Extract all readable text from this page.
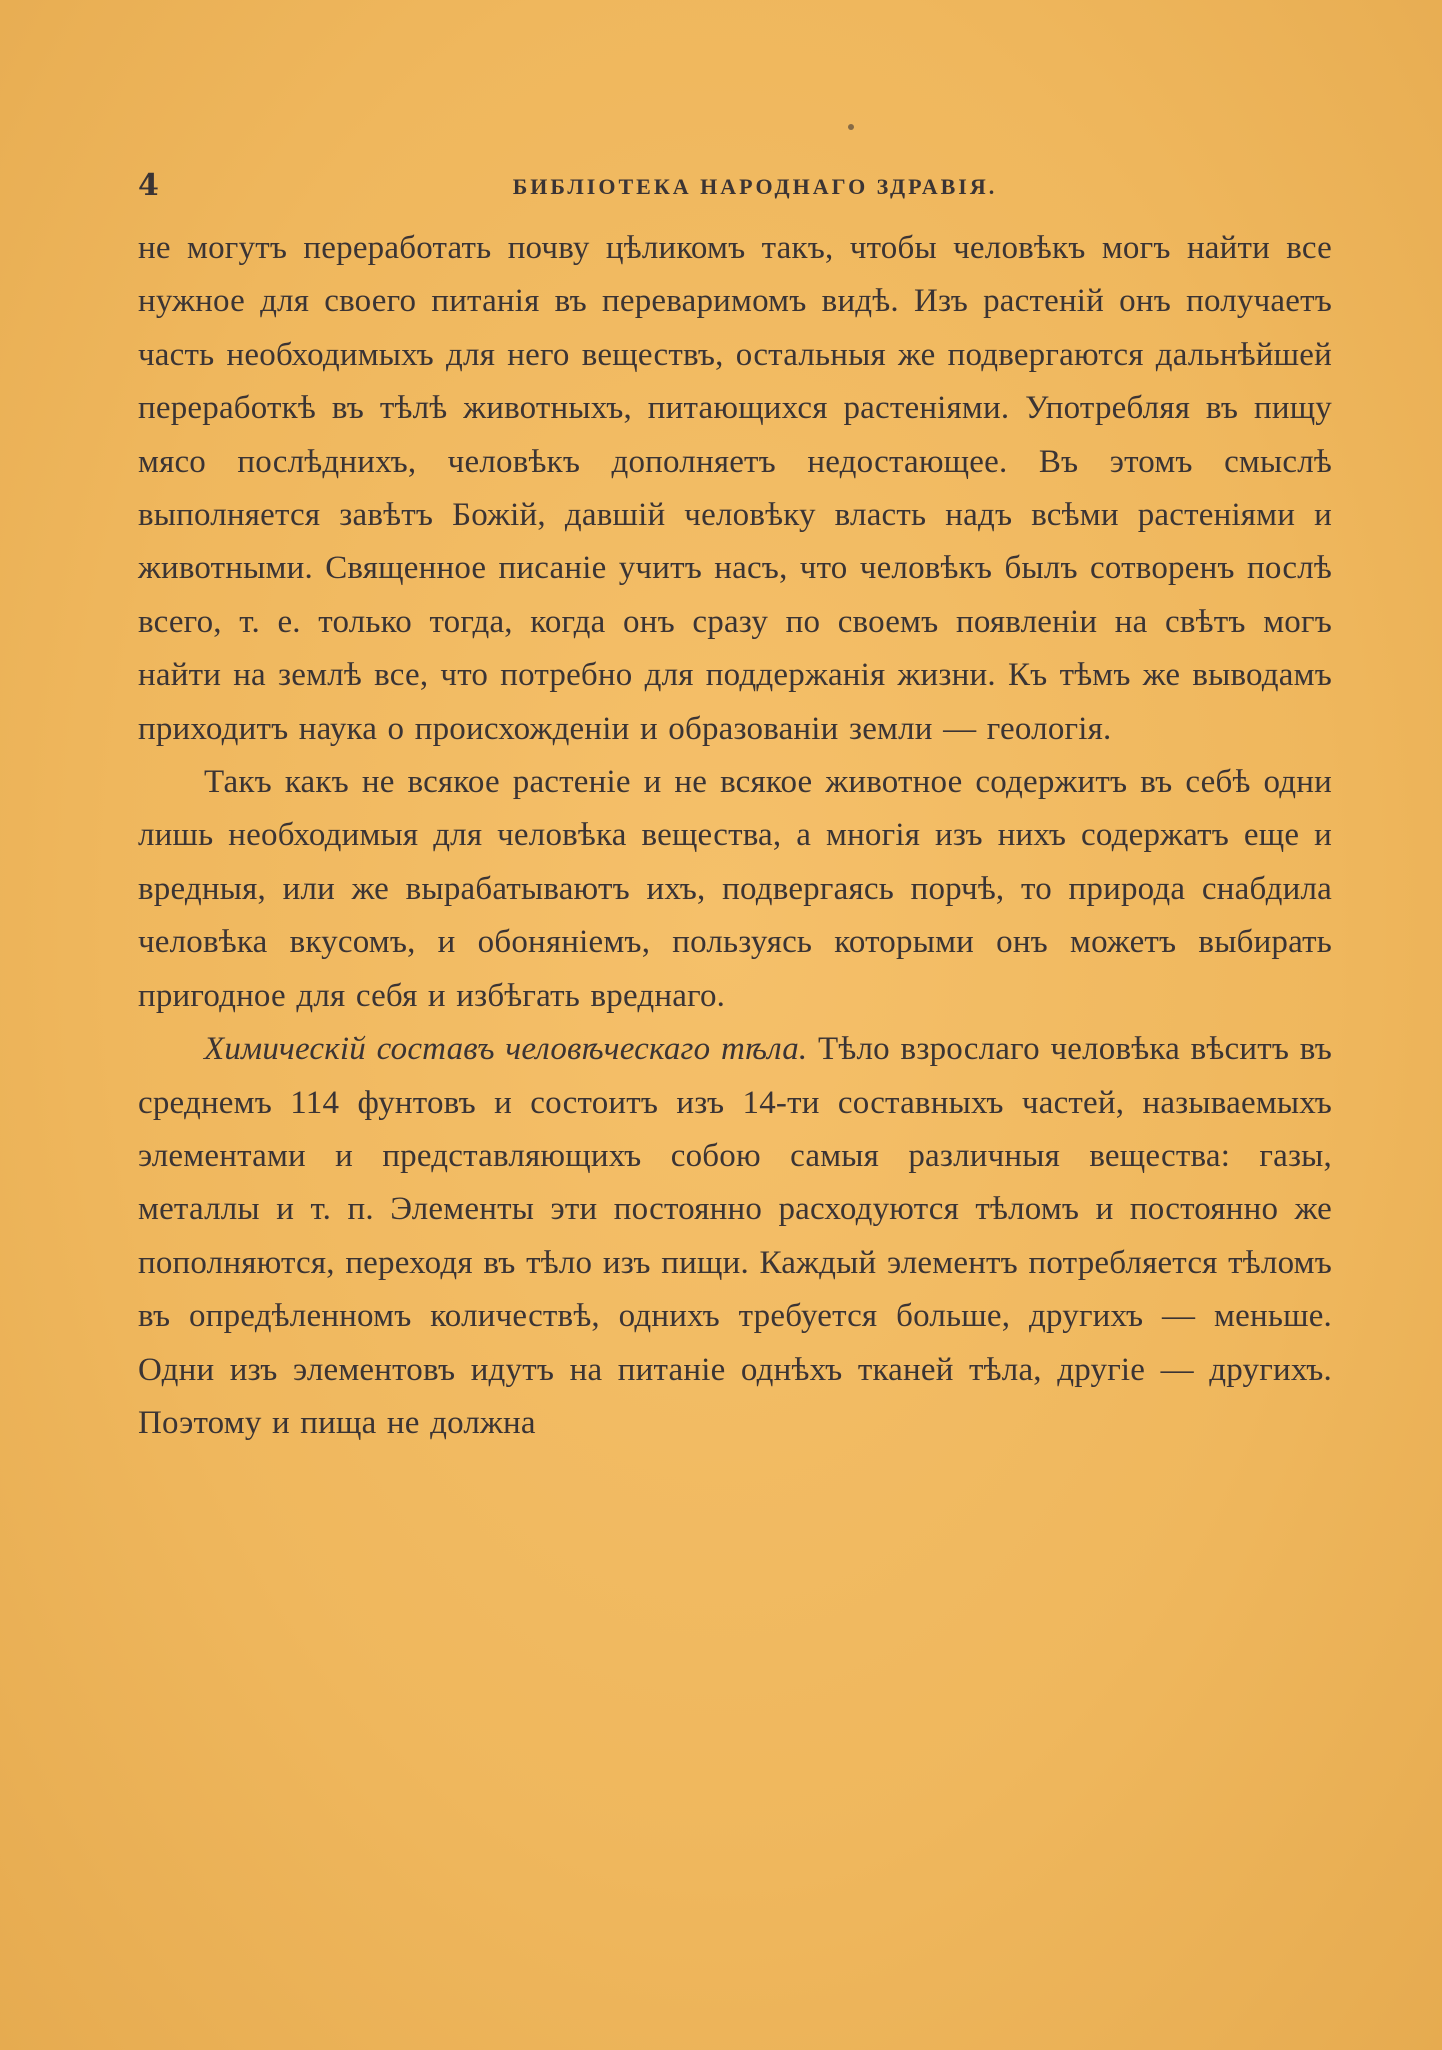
4	БИБЛІОТЕКА НАРОДНАГО ЗДРАВІЯ.

не могутъ переработать почву цѣликомъ такъ, чтобы человѣкъ могъ найти все нужное для своего питанія въ переваримомъ видѣ. Изъ растеній онъ получаетъ часть необходимыхъ для него веществъ, остальныя же подвергаются дальнѣйшей переработкѣ въ тѣлѣ животныхъ, питающихся растеніями. Употребляя въ пищу мясо послѣднихъ, человѣкъ дополняетъ недостающее. Въ этомъ смыслѣ выполняется завѣтъ Божій, давшій человѣку власть надъ всѣми растеніями и животными. Священное писаніе учитъ насъ, что человѣкъ былъ сотворенъ послѣ всего, т. е. только тогда, когда онъ сразу по своемъ появленіи на свѣтъ могъ найти на землѣ все, что потребно для поддержанія жизни. Къ тѣмъ же выводамъ приходитъ наука о происхожденіи и образованіи земли — геологія.

Такъ какъ не всякое растеніе и не всякое животное содержитъ въ себѣ одни лишь необходимыя для человѣка вещества, а многія изъ нихъ содержатъ еще и вредныя, или же вырабатываютъ ихъ, подвергаясь порчѣ, то природа снабдила человѣка вкусомъ, и обоняніемъ, пользуясь которыми онъ можетъ выбирать пригодное для себя и избѣгать вреднаго.

Химическій составъ человѣческаго тѣла. Тѣло взрослаго человѣка вѣситъ въ среднемъ 114 фунтовъ и состоитъ изъ 14-ти составныхъ частей, называемыхъ элементами и представляющихъ собою самыя различныя вещества: газы, металлы и т. п. Элементы эти постоянно расходуются тѣломъ и постоянно же пополняются, переходя въ тѣло изъ пищи. Каждый элементъ потребляется тѣломъ въ опредѣленномъ количествѣ, однихъ требуется больше, другихъ — меньше. Одни изъ элементовъ идутъ на питаніе однѣхъ тканей тѣла, другіе — другихъ. Поэтому и пища не должна
